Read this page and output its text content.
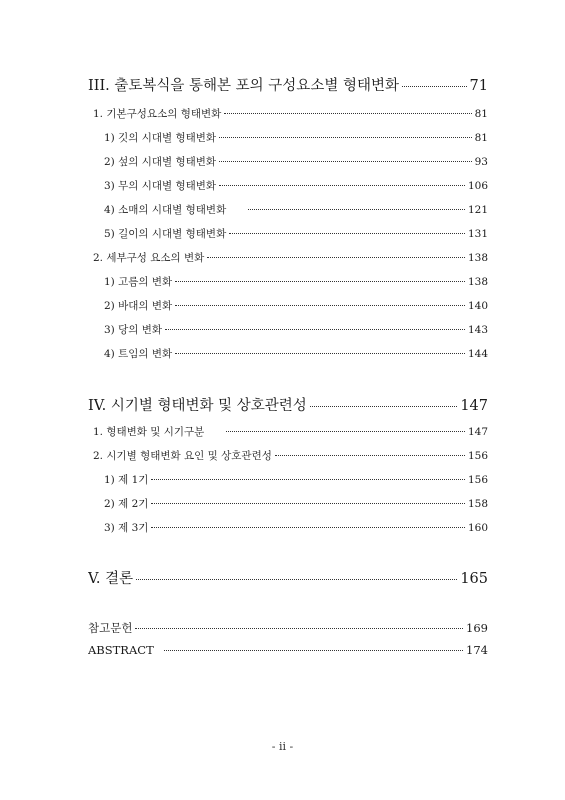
III. 출토복식을 통해본 포의 구성요소별 형태변화	71
1. 기본구성요소의 형태변화	81
1) 깃의 시대별 형태변화	81
2) 섶의 시대별 형태변화	93
3) 무의 시대별 형태변화	106
4) 소매의 시대별 형태변화	121
5) 길이의 시대별 형태변화	131
2. 세부구성 요소의 변화	138
1) 고름의 변화	138
2) 바대의 변화	140
3) 당의 변화	143
4) 트임의 변화	144
IV. 시기별 형태변화 및 상호관련성	147
1. 형태변화 및 시기구분	147
2. 시기별 형태변화 요인 및 상호관련성	156
1) 제 1기	156
2) 제 2기	158
3) 제 3기	160
V. 결론	165
참고문헌	169
ABSTRACT	174
- ii -
